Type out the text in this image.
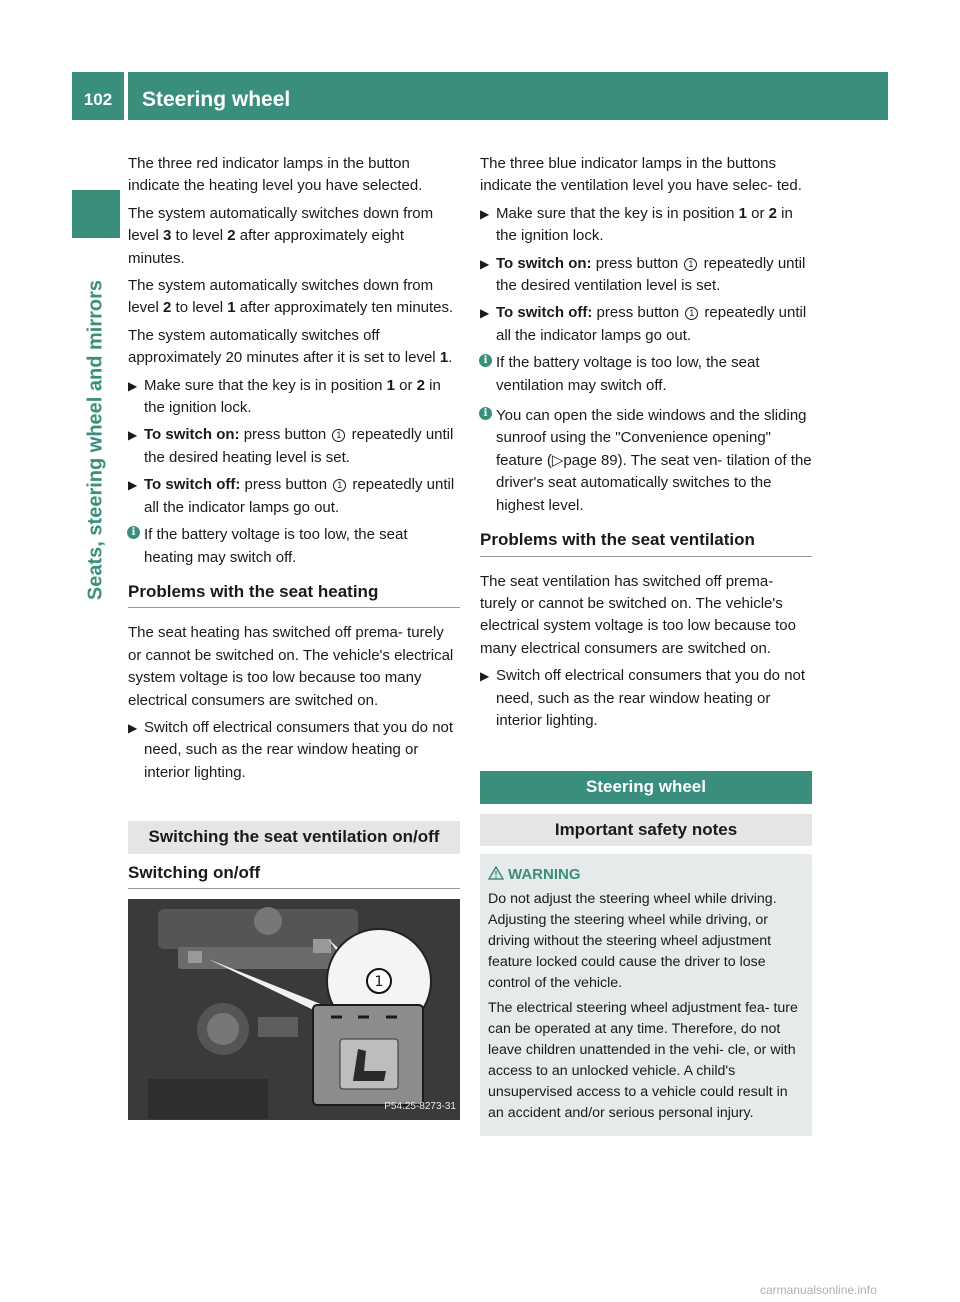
102	Steering wheel
Seats, steering wheel and mirrors

The three red indicator lamps in the button indicate the heating level you have selected.

The system automatically switches down from level 3 to level 2 after approximately eight minutes.

The system automatically switches down from level 2 to level 1 after approximately ten minutes.

The system automatically switches off approximately 20 minutes after it is set to level 1.

▶ Make sure that the key is in position 1 or 2 in the ignition lock.
▶ To switch on: press button 1 repeatedly until the desired heating level is set.
▶ To switch off: press button 1 repeatedly until all the indicator lamps go out.
i If the battery voltage is too low, the seat heating may switch off.
Problems with the seat heating

The seat heating has switched off prema- turely or cannot be switched on. The vehicle's electrical system voltage is too low because too many electrical consumers are switched on.

▶ Switch off electrical consumers that you do not need, such as the rear window heating or interior lighting.
Switching the seat ventilation on/off
Switching on/off
1
P54.25-8273-31

The three blue indicator lamps in the buttons indicate the ventilation level you have selec- ted.

▶ Make sure that the key is in position 1 or 2 in the ignition lock.
▶ To switch on: press button 1 repeatedly until the desired ventilation level is set.
▶ To switch off: press button 1 repeatedly until all the indicator lamps go out.
i If the battery voltage is too low, the seat ventilation may switch off.
i You can open the side windows and the sliding sunroof using the "Convenience opening" feature (▷page 89). The seat ven- tilation of the driver's seat automatically switches to the highest level.
Problems with the seat ventilation

The seat ventilation has switched off prema- turely or cannot be switched on. The vehicle's electrical system voltage is too low because too many electrical consumers are switched on.

▶ Switch off electrical consumers that you do not need, such as the rear window heating or interior lighting.
Steering wheel
Important safety notes
WARNING

Do not adjust the steering wheel while driving. Adjusting the steering wheel while driving, or driving without the steering wheel adjustment feature locked could cause the driver to lose control of the vehicle.

The electrical steering wheel adjustment fea- ture can be operated at any time. Therefore, do not leave children unattended in the vehi- cle, or with access to an unlocked vehicle. A child's unsupervised access to a vehicle could result in an accident and/or serious personal injury.

carmanualsonline.info
